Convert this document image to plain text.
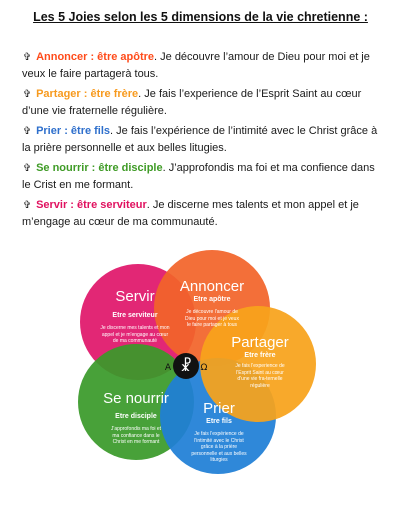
Les 5 Joies selon les 5 dimensions de la vie chretienne :
✞ Annoncer : être apôtre. Je découvre l’amour de Dieu pour moi et je veux le faire partagerà tous.
✞ Partager : être frère. Je fais l’experience de l’Esprit Saint au cœur d’une vie fraternelle régulière.
✞ Prier : être fils. Je fais l’expérience de l’intimité avec le Christ grâce à la prière personnelle et aux belles litugies.
✞ Se nourrir : être disciple. J’approfondis ma foi et ma confience dans le Crist en me formant.
✞ Servir : être serviteur. Je discerne mes talents et mon appel et je m’engage au cœur de ma communauté.
☧
A	Ω
Servir
Etre serviteur
Je discerne mes talents et mon appel et je m'engage au cœur de ma communauté
Annoncer
Etre apôtre
Je découvre l'amour de Dieu pour moi et je veux le faire partager à tous
Partager
Etre frère
Je fais l'experience de l'Esprit Saint au cœur d'une vie fra-ternelle régulière
Se nourrir
Etre disciple
J'approfondis ma foi et ma confiance dans le Christ en me formant
Prier
Etre fils
Je fais l'expérience de l'intimité avec le Christ grâce à la prière personnelle et aux belles liturgies
